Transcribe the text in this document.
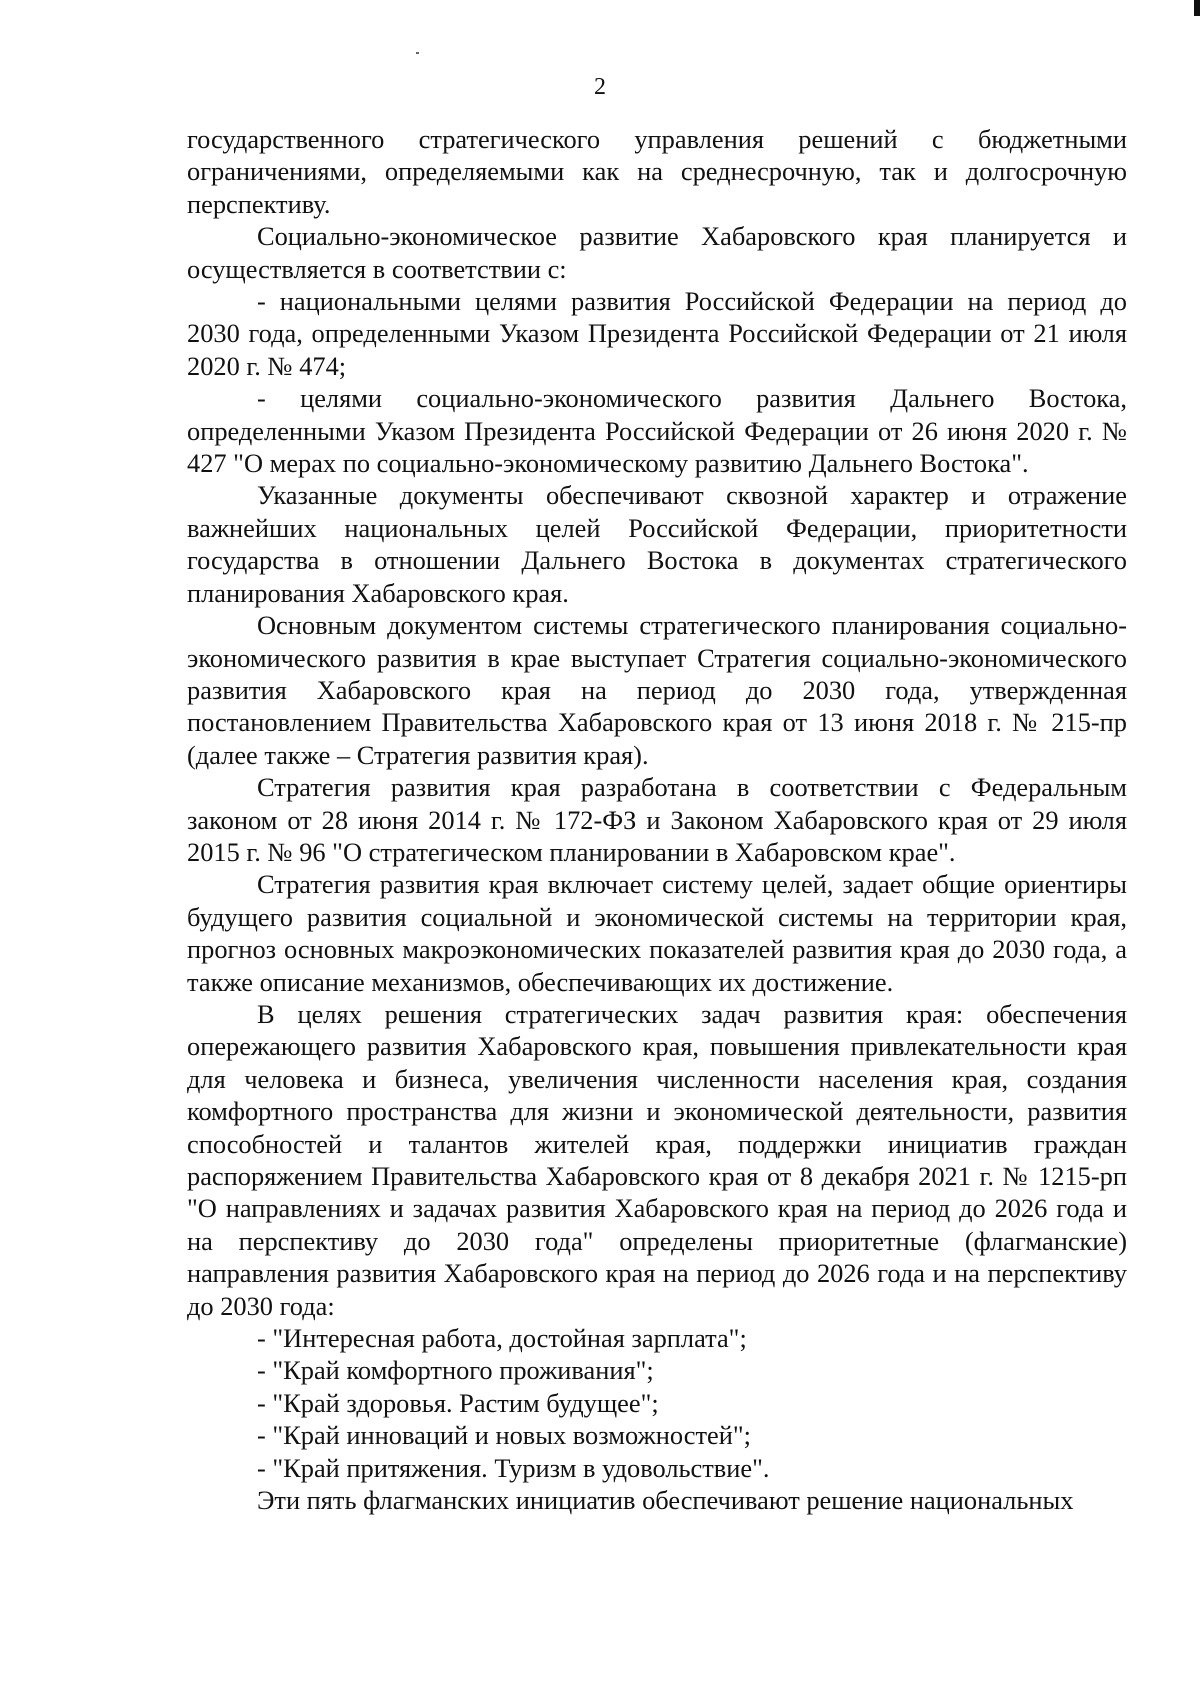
2

государственного стратегического управления решений с бюджетными ограничениями, определяемыми как на среднесрочную, так и долгосрочную перспективу.

Социально-экономическое развитие Хабаровского края планируется и осуществляется в соответствии с:

- национальными целями развития Российской Федерации на период до 2030 года, определенными Указом Президента Российской Федерации от 21 июля 2020 г. № 474;

- целями социально-экономического развития Дальнего Востока, определенными Указом Президента Российской Федерации от 26 июня 2020 г. № 427 "О мерах по социально-экономическому развитию Дальнего Востока".

Указанные документы обеспечивают сквозной характер и отражение важнейших национальных целей Российской Федерации, приоритетности государства в отношении Дальнего Востока в документах стратегического планирования Хабаровского края.

Основным документом системы стратегического планирования социально-экономического развития в крае выступает Стратегия социально-экономического развития Хабаровского края на период до 2030 года, утвержденная постановлением Правительства Хабаровского края от 13 июня 2018 г. № 215-пр (далее также – Стратегия развития края).

Стратегия развития края разработана в соответствии с Федеральным законом от 28 июня 2014 г. № 172-ФЗ и Законом Хабаровского края от 29 июля 2015 г. № 96 "О стратегическом планировании в Хабаровском крае".

Стратегия развития края включает систему целей, задает общие ориентиры будущего развития социальной и экономической системы на территории края, прогноз основных макроэкономических показателей развития края до 2030 года, а также описание механизмов, обеспечивающих их достижение.

В целях решения стратегических задач развития края: обеспечения опережающего развития Хабаровского края, повышения привлекательности края для человека и бизнеса, увеличения численности населения края, создания комфортного пространства для жизни и экономической деятельности, развития способностей и талантов жителей края, поддержки инициатив граждан распоряжением Правительства Хабаровского края от 8 декабря 2021 г. № 1215-рп "О направлениях и задачах развития Хабаровского края на период до 2026 года и на перспективу до 2030 года" определены приоритетные (флагманские) направления развития Хабаровского края на период до 2026 года и на перспективу до 2030 года:

- "Интересная работа, достойная зарплата";

- "Край комфортного проживания";

- "Край здоровья. Растим будущее";

- "Край инноваций и новых возможностей";

- "Край притяжения. Туризм в удовольствие".

Эти пять флагманских инициатив обеспечивают решение национальных
